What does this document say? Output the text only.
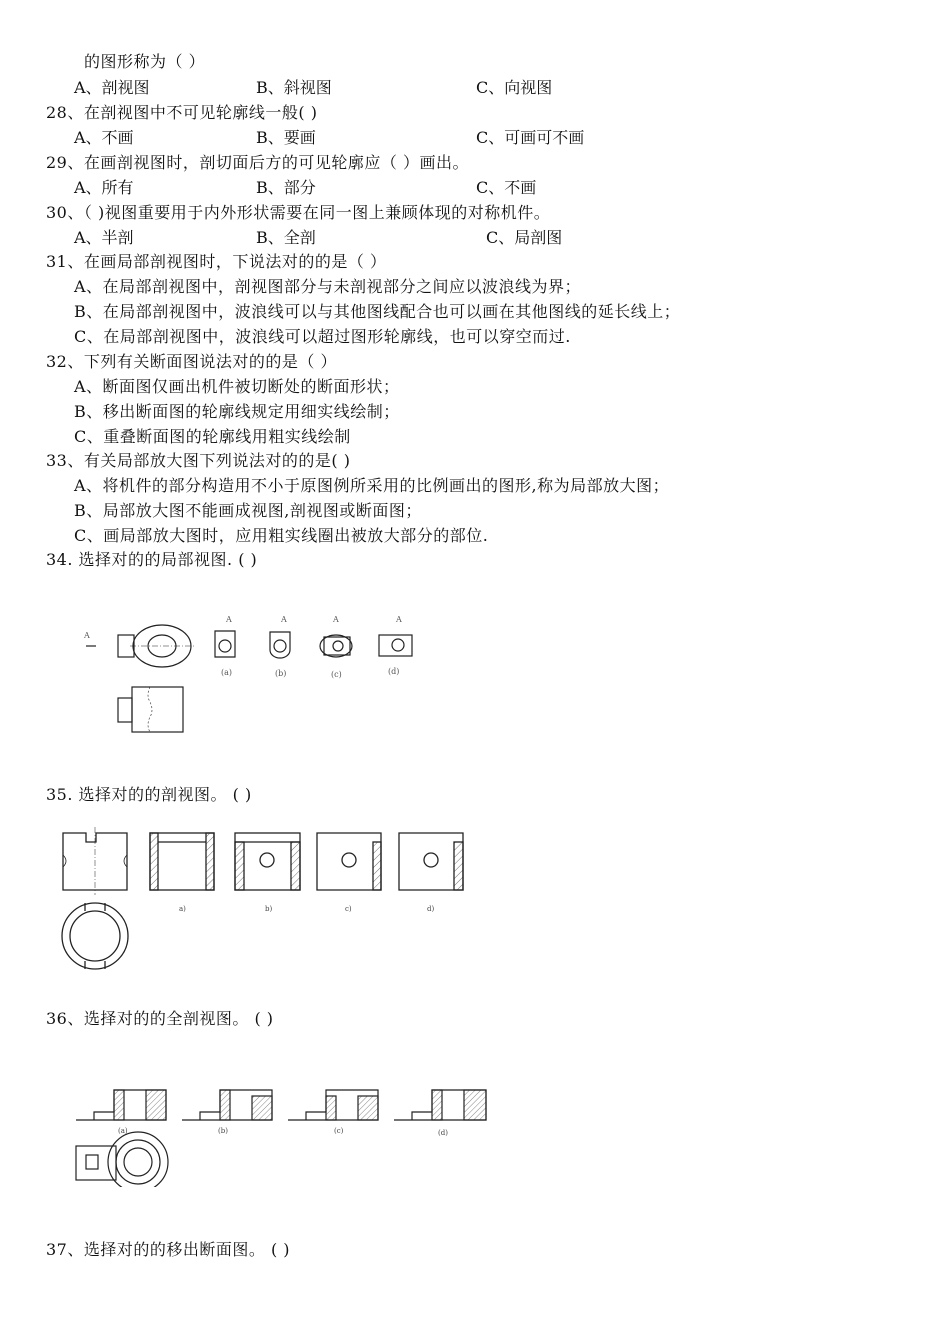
的图形称为（ ）
A、剖视图	B、斜视图	C、向视图
28、在剖视图中不可见轮廓线一般( )
A、不画	B、要画	C、可画可不画
29、在画剖视图时，剖切面后方的可见轮廓应（ ）画出。
A、所有	B、部分	C、不画
30、（ )视图重要用于内外形状需要在同一图上兼顾体现的对称机件。
A、半剖	B、全剖	C、局剖图
31、在画局部剖视图时，下说法对的的是（ ）
A、在局部剖视图中，剖视图部分与未剖视部分之间应以波浪线为界；
B、在局部剖视图中，波浪线可以与其他图线配合也可以画在其他图线的延长线上；
C、在局部剖视图中，波浪线可以超过图形轮廓线，也可以穿空而过.
32、下列有关断面图说法对的的是（ ）
A、断面图仅画出机件被切断处的断面形状；
B、移出断面图的轮廓线规定用细实线绘制；
C、重叠断面图的轮廓线用粗实线绘制
33、有关局部放大图下列说法对的的是( )
A、将机件的部分构造用不小于原图例所采用的比例画出的图形,称为局部放大图；
B、局部放大图不能画成视图,剖视图或断面图；
C、画局部放大图时，应用粗实线圈出被放大部分的部位.
34. 选择对的的局部视图. ( )
A
A
(a)
A
(b)
A
(c)
A
(d)
35. 选择对的的剖视图。 ( )
a)	b)	c)	d)
36、选择对的的全剖视图。 ( )
(a)	(b)	(c)	(d)
37、选择对的的移出断面图。 ( )
